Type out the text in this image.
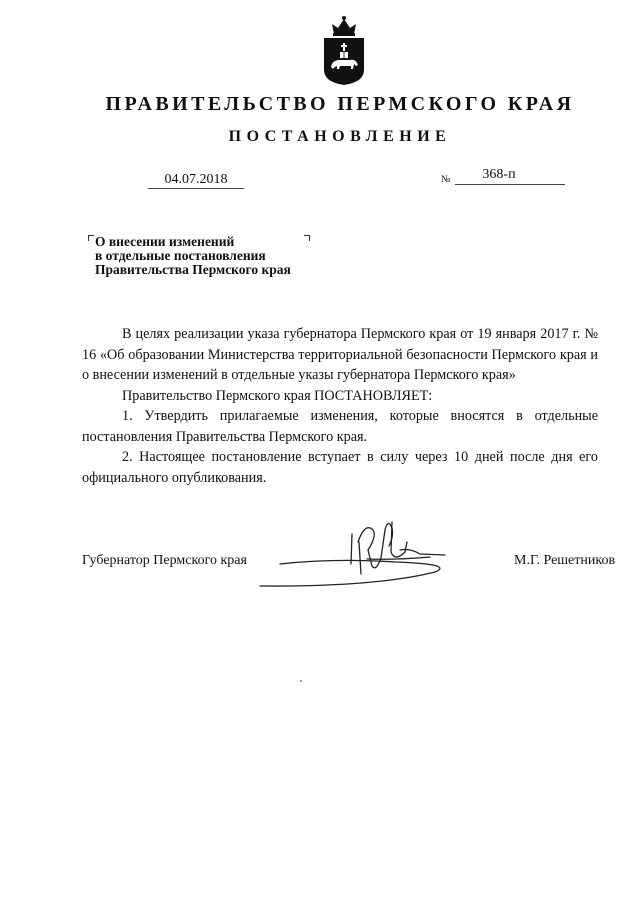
ПРАВИТЕЛЬСТВО ПЕРМСКОГО КРАЯ
ПОСТАНОВЛЕНИЕ
04.07.2018	№	368-п
О внесении изменений
в отдельные постановления
Правительства Пермского края

В целях реализации указа губернатора Пермского края от 19 января 2017 г. № 16 «Об образовании Министерства территориальной безопасности Пермского края и о внесении изменений в отдельные указы губернатора Пермского края»

Правительство Пермского края ПОСТАНОВЛЯЕТ:

1. Утвердить прилагаемые изменения, которые вносятся в отдельные постановления Правительства Пермского края.

2. Настоящее постановление вступает в силу через 10 дней после дня его официального опубликования.

Губернатор Пермского края	М.Г. Решетников
